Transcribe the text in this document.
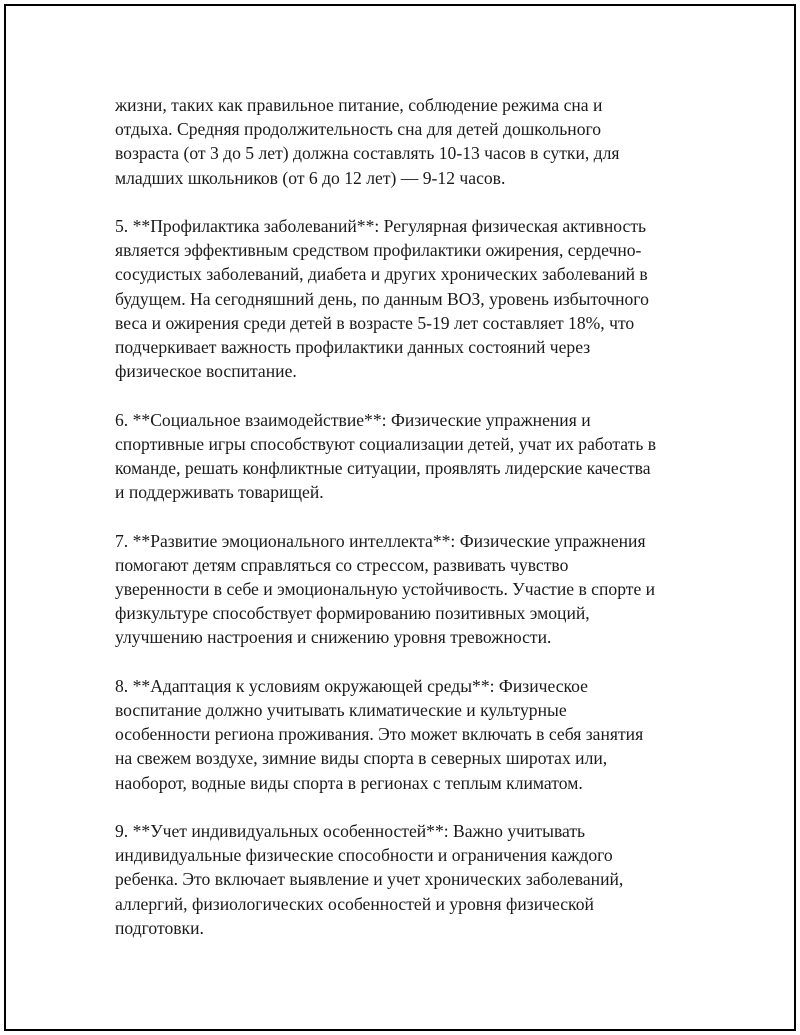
жизни, таких как правильное питание, соблюдение режима сна и
отдыха. Средняя продолжительность сна для детей дошкольного
возраста (от 3 до 5 лет) должна составлять 10-13 часов в сутки, для
младших школьников (от 6 до 12 лет) — 9-12 часов.

5. **Профилактика заболеваний**: Регулярная физическая активность
является эффективным средством профилактики ожирения, сердечно-
сосудистых заболеваний, диабета и других хронических заболеваний в
будущем. На сегодняшний день, по данным ВОЗ, уровень избыточного
веса и ожирения среди детей в возрасте 5-19 лет составляет 18%, что
подчеркивает важность профилактики данных состояний через
физическое воспитание.

6. **Социальное взаимодействие**: Физические упражнения и
спортивные игры способствуют социализации детей, учат их работать в
команде, решать конфликтные ситуации, проявлять лидерские качества
и поддерживать товарищей.

7. **Развитие эмоционального интеллекта**: Физические упражнения
помогают детям справляться со стрессом, развивать чувство
уверенности в себе и эмоциональную устойчивость. Участие в спорте и
физкультуре способствует формированию позитивных эмоций,
улучшению настроения и снижению уровня тревожности.

8. **Адаптация к условиям окружающей среды**: Физическое
воспитание должно учитывать климатические и культурные
особенности региона проживания. Это может включать в себя занятия
на свежем воздухе, зимние виды спорта в северных широтах или,
наоборот, водные виды спорта в регионах с теплым климатом.

9. **Учет индивидуальных особенностей**: Важно учитывать
индивидуальные физические способности и ограничения каждого
ребенка. Это включает выявление и учет хронических заболеваний,
аллергий, физиологических особенностей и уровня физической
подготовки.
